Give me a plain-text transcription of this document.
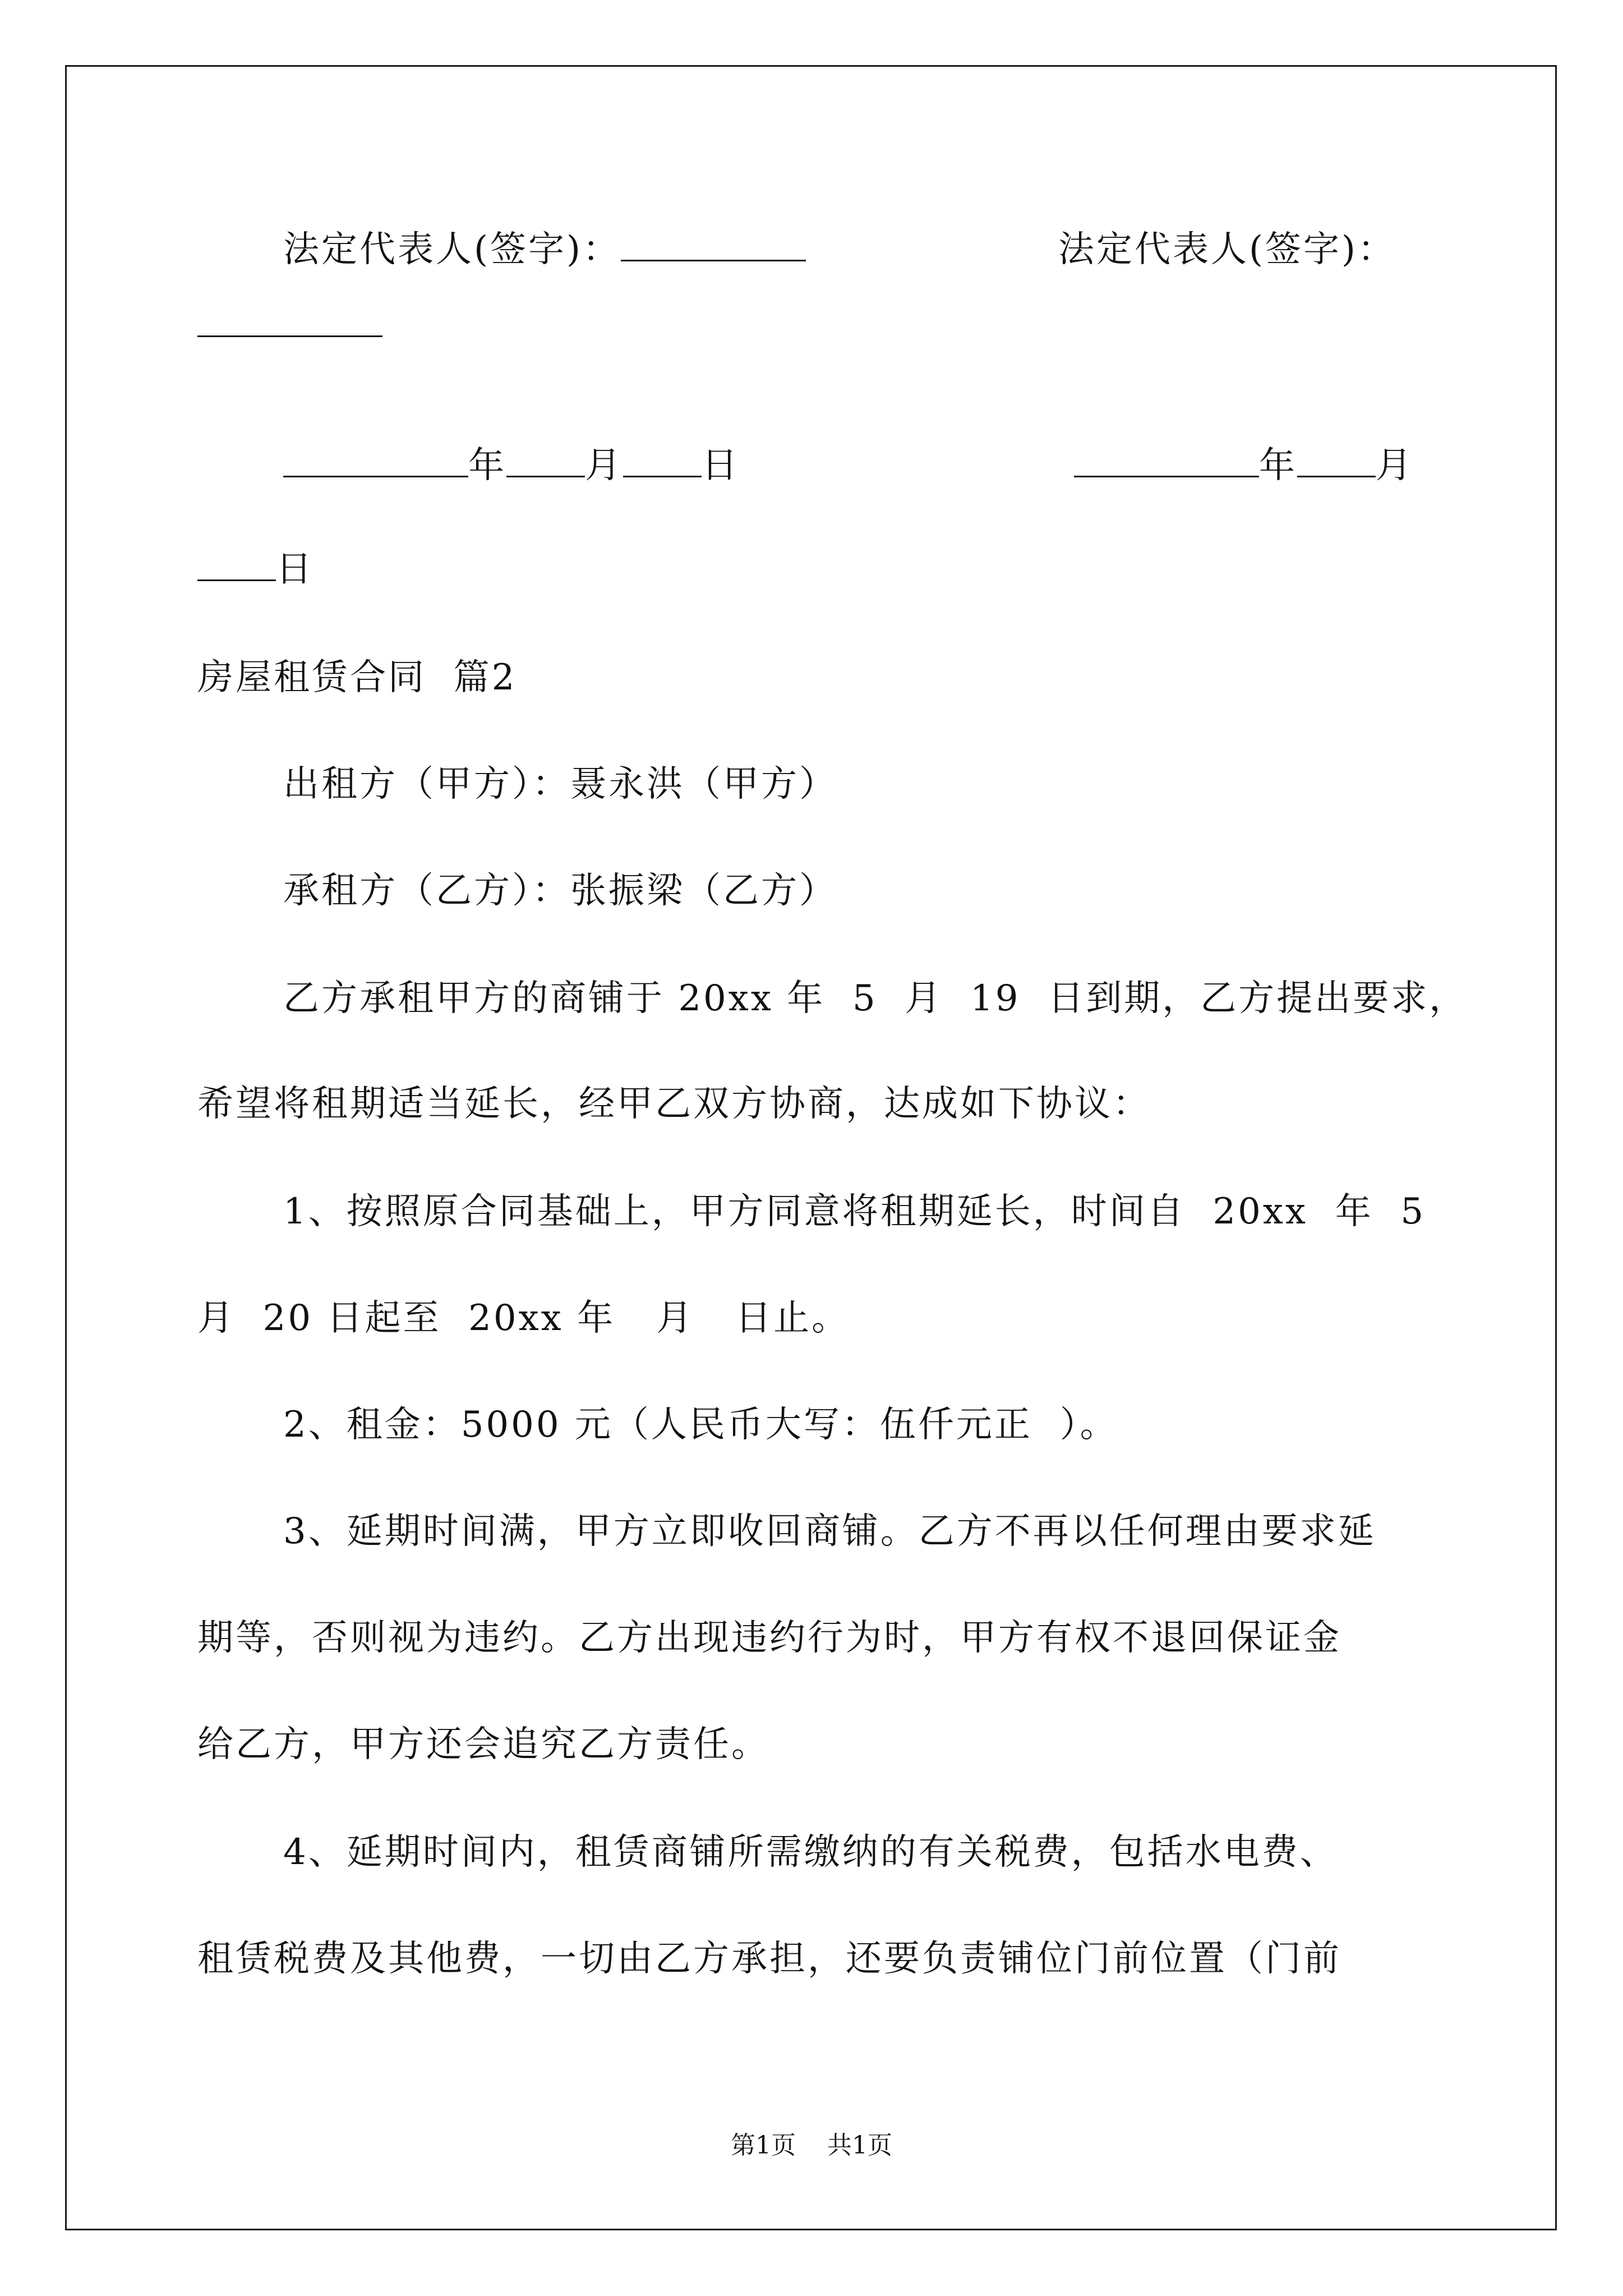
法定代表人(签字)：	法定代表人(签字)：
年 月 日	年 月
日
房屋租赁合同  篇2
出租方（甲方）：聂永洪（甲方）
承租方（乙方）：张振梁（乙方）
乙方承租甲方的商铺于 20xx 年  5  月  19  日到期，乙方提出要求，
希望将租期适当延长，经甲乙双方协商，达成如下协议：
1、按照原合同基础上，甲方同意将租期延长，时间自  20xx  年  5
月  20 日起至  20xx 年   月   日止。
2、租金：5000 元（人民币大写：伍仟元正  ）。
3、延期时间满，甲方立即收回商铺。乙方不再以任何理由要求延
期等，否则视为违约。乙方出现违约行为时，甲方有权不退回保证金
给乙方，甲方还会追究乙方责任。
4、延期时间内，租赁商铺所需缴纳的有关税费，包括水电费、
租赁税费及其他费，一切由乙方承担，还要负责铺位门前位置（门前
第1页    共1页
